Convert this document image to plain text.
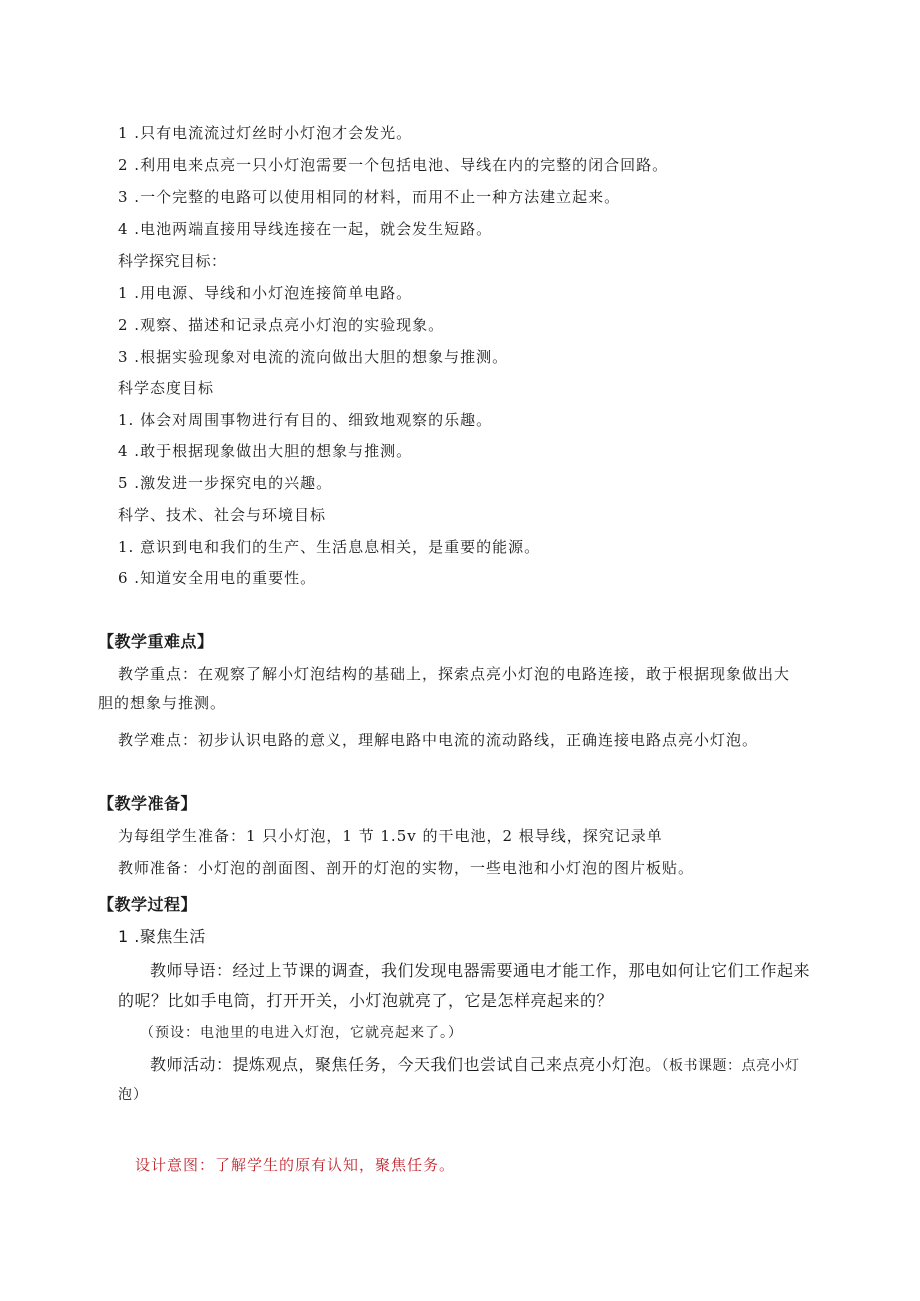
1 .只有电流流过灯丝时小灯泡才会发光。
2 .利用电来点亮一只小灯泡需要一个包括电池、导线在内的完整的闭合回路。
3 .一个完整的电路可以使用相同的材料，而用不止一种方法建立起来。
4 .电池两端直接用导线连接在一起，就会发生短路。
科学探究目标：
1 .用电源、导线和小灯泡连接简单电路。
2 .观察、描述和记录点亮小灯泡的实验现象。
3 .根据实验现象对电流的流向做出大胆的想象与推测。
科学态度目标
1. 体会对周围事物进行有目的、细致地观察的乐趣。
4 .敢于根据现象做出大胆的想象与推测。
5 .激发进一步探究电的兴趣。
科学、技术、社会与环境目标
1. 意识到电和我们的生产、生活息息相关，是重要的能源。
6 .知道安全用电的重要性。
【教学重难点】
教学重点：在观察了解小灯泡结构的基础上，探索点亮小灯泡的电路连接，敢于根据现象做出大
胆的想象与推测。
教学难点：初步认识电路的意义，理解电路中电流的流动路线，正确连接电路点亮小灯泡。
【教学准备】
为每组学生准备：1 只小灯泡，1 节 1.5v 的干电池，2 根导线，探究记录单
教师准备：小灯泡的剖面图、剖开的灯泡的实物，一些电池和小灯泡的图片板贴。
【教学过程】
1 .聚焦生活
教师导语：经过上节课的调查，我们发现电器需要通电才能工作，那电如何让它们工作起来
的呢？比如手电筒，打开开关，小灯泡就亮了，它是怎样亮起来的？
（预设：电池里的电进入灯泡，它就亮起来了。）
教师活动：提炼观点，聚焦任务，今天我们也尝试自己来点亮小灯泡。（板书课题：点亮小灯
泡）
设计意图：了解学生的原有认知，聚焦任务。
